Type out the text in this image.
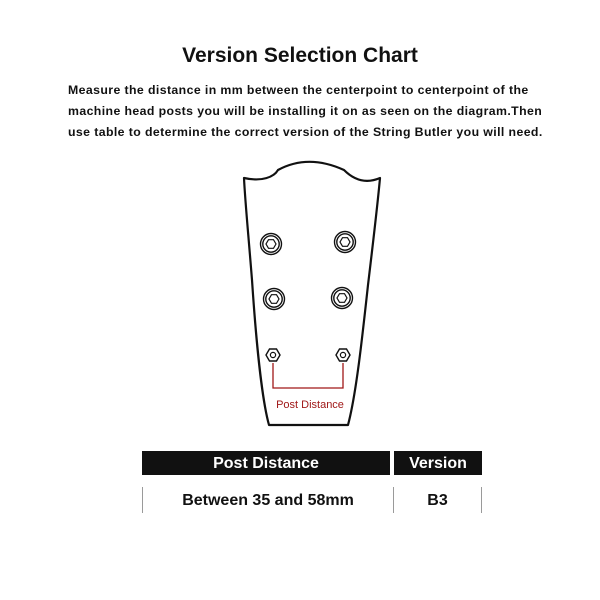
Version Selection Chart

Measure the distance in mm between the centerpoint to centerpoint of the machine head posts you will be installing it on as seen on the diagram.Then use table to determine the correct version of the String Butler you will need.

Post Distance
Post Distance	Version
Between 35 and 58mm	B3
